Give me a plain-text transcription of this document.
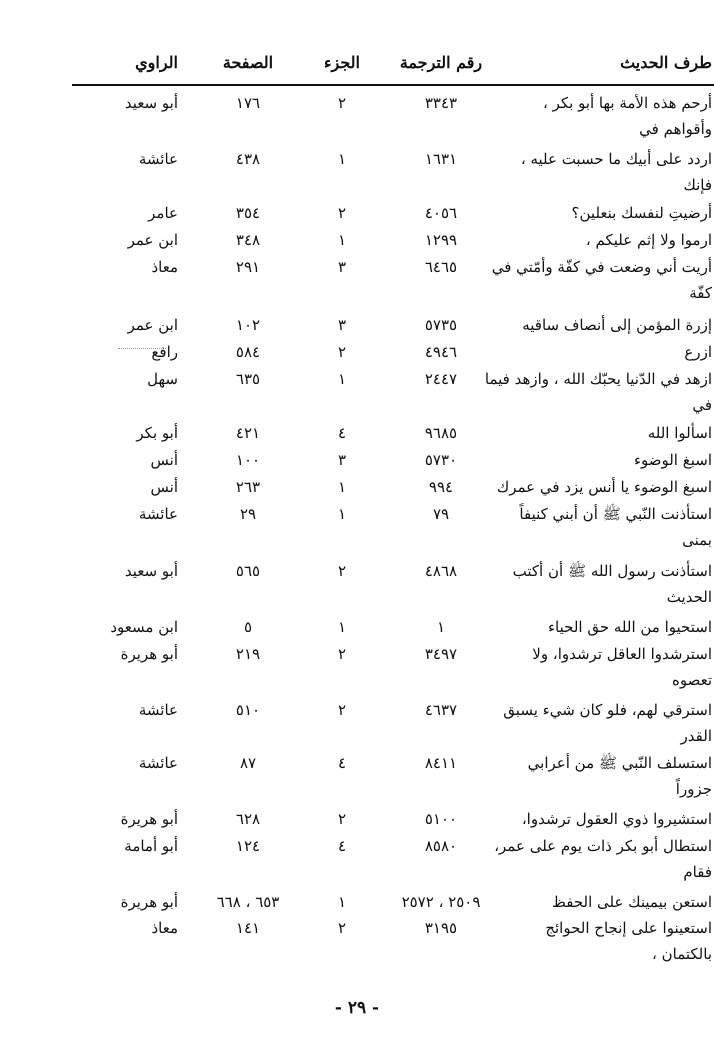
طرف الحديث
رقم الترجمة
الجزء
الصفحة
الراوي
أرحم هذه الأمة بها أبو بكر ،
٣٣٤٣
٢
١٧٦
أبو سعيد
وأقواهم في
اردد على أبيك ما حسبت عليه ،
١٦٣١
١
٤٣٨
عائشة
فإنك
أرضيتِ لنفسك بنعلين؟
٤٠٥٦
٢
٣٥٤
عامر
ارموا ولا إثم عليكم ،
١٢٩٩
١
٣٤٨
ابن عمر
أريت أني وضعت في كفّة وأمّتي في
٦٤٦٥
٣
٢٩١
معاذ
كفّة
إزرة المؤمن إلى أنصاف ساقيه
٥٧٣٥
٣
١٠٢
ابن عمر
ازرع
٤٩٤٦
٢
٥٨٤
رافع
ازهد في الدّنيا يحبّك الله ، وازهد فيما
٢٤٤٧
١
٦٣٥
سهل
في
اسألوا الله
٩٦٨٥
٤
٤٢١
أبو بكر
اسبغ الوضوء
٥٧٣٠
٣
١٠٠
أنس
اسبغ الوضوء يا أنس يزد في عمرك
٩٩٤
١
٢٦٣
أنس
استأذنت النّبي ﷺ أن أبني كنيفاً
٧٩
١
٢٩
عائشة
بمنى
استأذنت رسول الله ﷺ أن أكتب
٤٨٦٨
٢
٥٦٥
أبو سعيد
الحديث
استحيوا من الله حق الحياء
١
١
٥
ابن مسعود
استرشدوا العاقل ترشدوا، ولا
٣٤٩٧
٢
٢١٩
أبو هريرة
تعصوه
استرقي لهم، فلو كان شيء يسبق
٤٦٣٧
٢
٥١٠
عائشة
القدر
استسلف النّبي ﷺ من أعرابي
٨٤١١
٤
٨٧
عائشة
جزوراً
استشيروا ذوي العقول ترشدوا،
٥١٠٠
٢
٦٢٨
أبو هريرة
استطال أبو بكر ذات يوم على عمر،
٨٥٨٠
٤
١٢٤
أبو أمامة
فقام
استعن بيمينك على الحفظ
٢٥٠٩ ، ٢٥٧٢
١
٦٥٣ ، ٦٦٨
أبو هريرة
استعينوا على إنجاح الحوائج
٣١٩٥
٢
١٤١
معاذ
بالكتمان ،
- ٢٩ -
